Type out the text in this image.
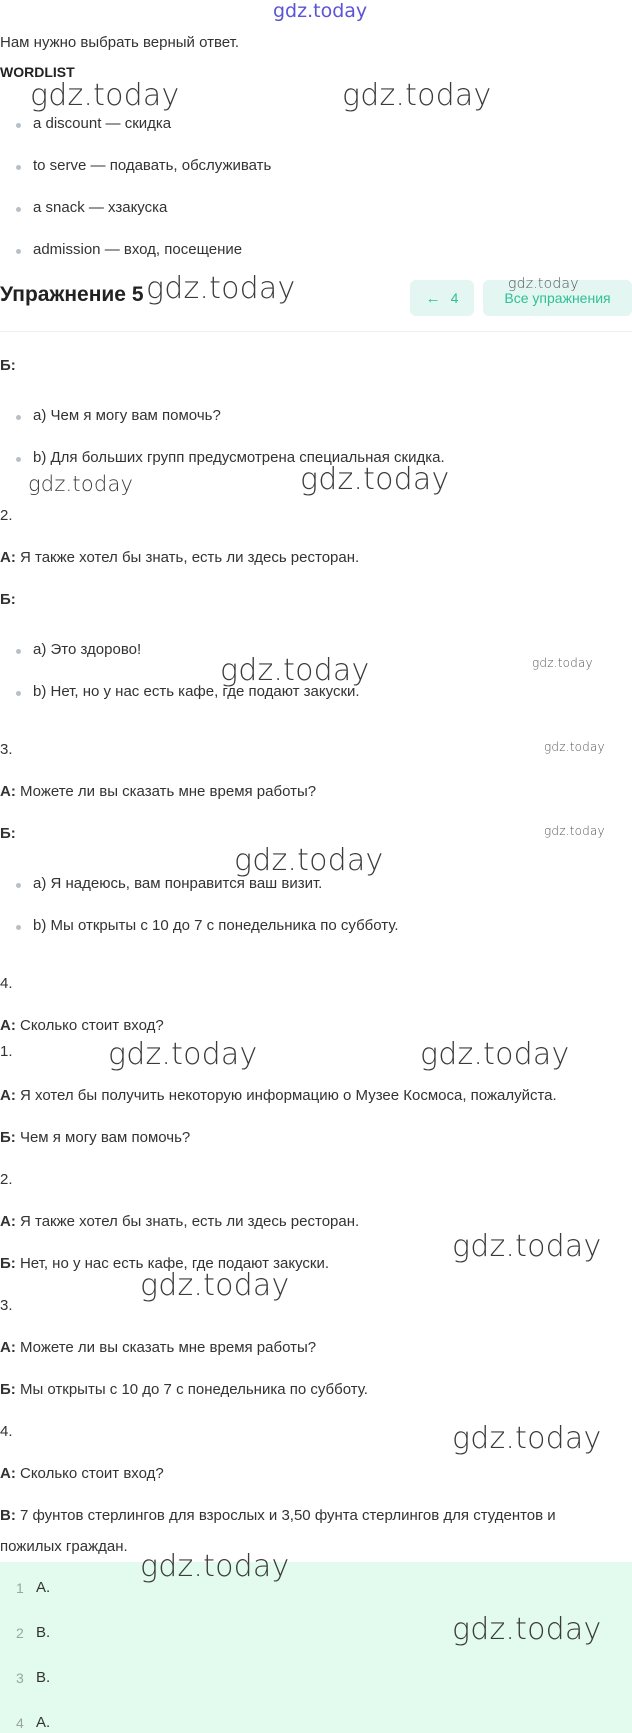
gdz.today
Нам нужно выбрать верный ответ.
WORDLIST
gdz.today	gdz.today
a discount — скидка
to serve — подавать, обслуживать
a snack — хзакуска
admission — вход, посещение
Упражнение 5 gdz.today	← 4	Все упражнения
gdz.today
Б:
а) Чем я могу вам помочь?
b) Для больших групп предусмотрена специальная скидка.
gdz.today	gdz.today
2.
А: Я также хотел бы знать, есть ли здесь ресторан.
Б:
а) Это здорово!
gdz.today	gdz.today
b) Нет, но у нас есть кафе, где подают закуски.
3.	gdz.today
А: Можете ли вы сказать мне время работы?
Б:	gdz.today
gdz.today
а) Я надеюсь, вам понравится ваш визит.
b) Мы открыты с 10 до 7 с понедельника по субботу.
4.
А: Сколько стоит вход?
1.	gdz.today	gdz.today
А: Я хотел бы получить некоторую информацию о Музее Космоса, пожалуйста.
Б: Чем я могу вам помочь?
2.
А: Я также хотел бы знать, есть ли здесь ресторан.
gdz.today
Б: Нет, но у нас есть кафе, где подают закуски.
gdz.today
3.
А: Можете ли вы сказать мне время работы?
Б: Мы открыты с 10 до 7 с понедельника по субботу.
4.	gdz.today
А: Сколько стоит вход?
В: 7 фунтов стерлингов для взрослых и 3,50 фунта стерлингов для студентов и
пожилых граждан.
1 А.
2 В.
3 В.
4 А.
gdz.today
gdz.today
